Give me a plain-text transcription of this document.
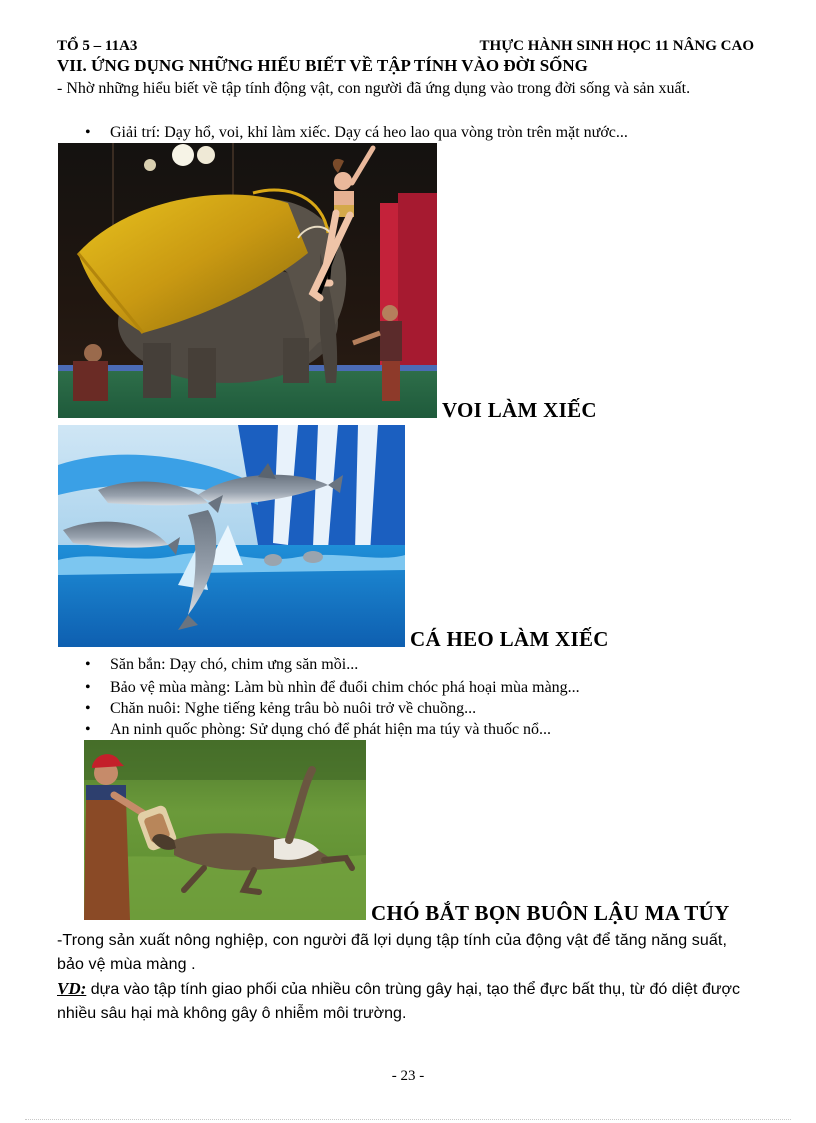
TỔ 5 – 11A3	THỰC HÀNH SINH HỌC 11 NÂNG CAO
VII. ỨNG DỤNG NHỮNG HIỂU BIẾT VỀ TẬP TÍNH VÀO ĐỜI SỐNG
- Nhờ những hiểu biết về tập tính động vật, con người đã ứng dụng vào trong đời sống và sản xuất.
• Giải trí: Dạy hổ, voi, khỉ làm xiếc. Dạy cá heo lao qua vòng tròn trên mặt nước...
VOI LÀM XIẾC
CÁ HEO LÀM XIẾC
• Săn bắn: Dạy chó, chim ưng săn mồi...
• Bảo vệ mùa màng: Làm bù nhìn để đuổi chim chóc phá hoại mùa màng...
• Chăn nuôi: Nghe tiếng kẻng trâu bò nuôi trở về chuồng...
• An ninh quốc phòng: Sử dụng chó để phát hiện ma túy và thuốc nổ...
CHÓ BẮT BỌN BUÔN LẬU MA TÚY
-Trong sản xuất nông nghiệp, con người đã lợi dụng tập tính của động vật để tăng năng suất, bảo vệ mùa màng .
VD: dựa vào tập tính giao phối của nhiều côn trùng gây hại, tạo thể đực bất thụ, từ đó diệt được nhiều sâu hại mà không gây ô nhiễm môi trường.
- 23 -
